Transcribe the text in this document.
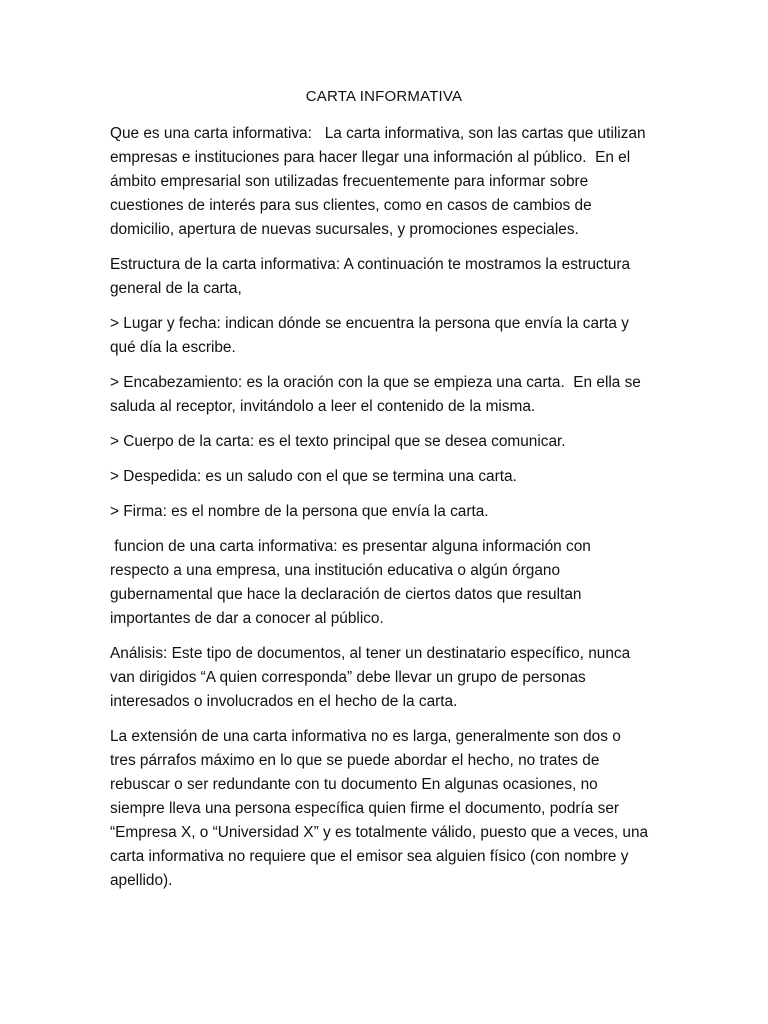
CARTA INFORMATIVA

Que es una carta informativa:   La carta informativa, son las cartas que utilizan empresas e instituciones para hacer llegar una información al público.  En el ámbito empresarial son utilizadas frecuentemente para informar sobre cuestiones de interés para sus clientes, como en casos de cambios de domicilio, apertura de nuevas sucursales, y promociones especiales.

Estructura de la carta informativa: A continuación te mostramos la estructura general de la carta,

> Lugar y fecha: indican dónde se encuentra la persona que envía la carta y qué día la escribe.

> Encabezamiento: es la oración con la que se empieza una carta.  En ella se saluda al receptor, invitándolo a leer el contenido de la misma.

> Cuerpo de la carta: es el texto principal que se desea comunicar.

> Despedida: es un saludo con el que se termina una carta.

> Firma: es el nombre de la persona que envía la carta.

funcion de una carta informativa: es presentar alguna información con respecto a una empresa, una institución educativa o algún órgano gubernamental que hace la declaración de ciertos datos que resultan importantes de dar a conocer al público.

Análisis: Este tipo de documentos, al tener un destinatario específico, nunca van dirigidos “A quien corresponda” debe llevar un grupo de personas interesados o involucrados en el hecho de la carta.

La extensión de una carta informativa no es larga, generalmente son dos o tres párrafos máximo en lo que se puede abordar el hecho, no trates de rebuscar o ser redundante con tu documento En algunas ocasiones, no siempre lleva una persona específica quien firme el documento, podría ser “Empresa X, o “Universidad X” y es totalmente válido, puesto que a veces, una carta informativa no requiere que el emisor sea alguien físico (con nombre y apellido).
